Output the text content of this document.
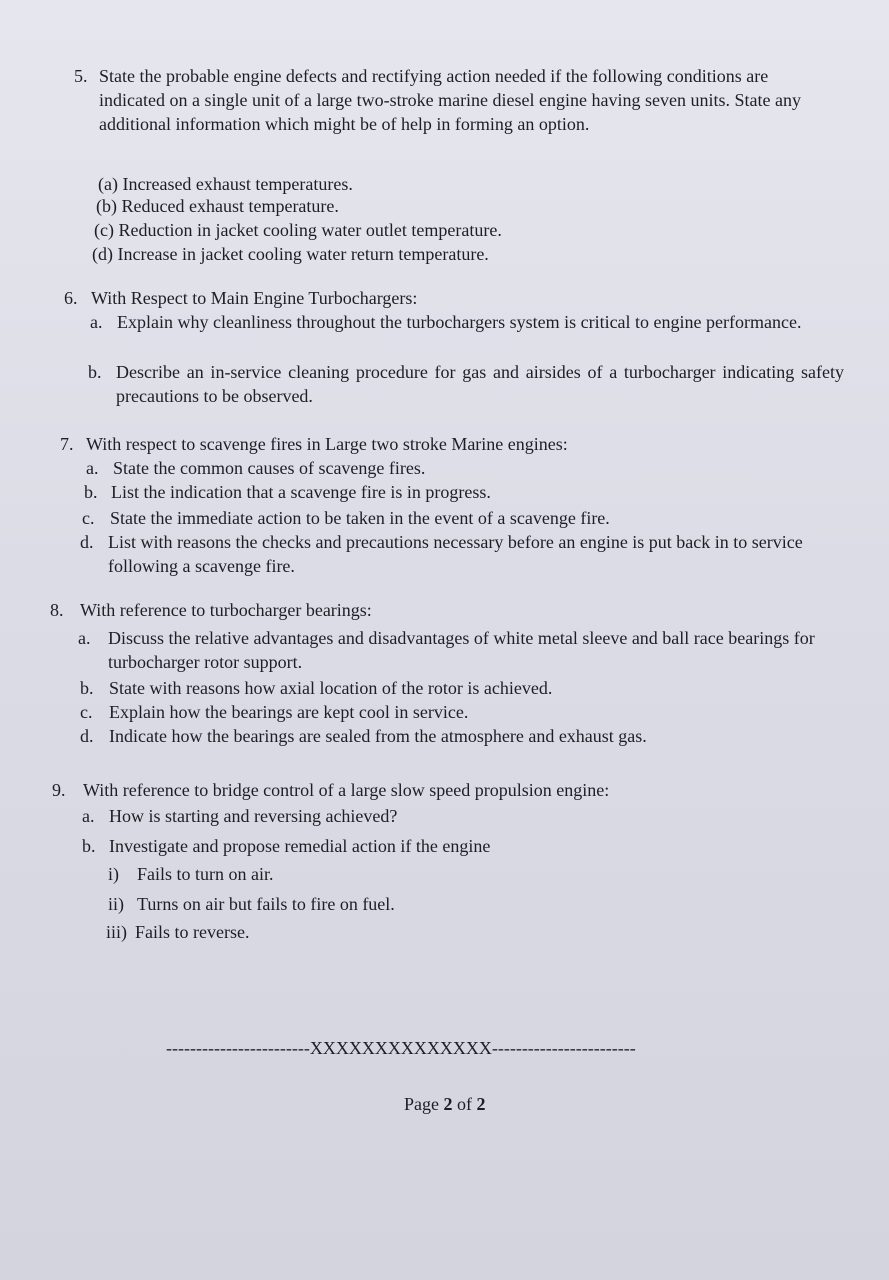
5. State the probable engine defects and rectifying action needed if the following conditions are indicated on a single unit of a large two-stroke marine diesel engine having seven units. State any additional information which might be of help in forming an option.
(a) Increased exhaust temperatures.
(b) Reduced exhaust temperature.
(c) Reduction in jacket cooling water outlet temperature.
(d) Increase in jacket cooling water return temperature.
6. With Respect to Main Engine Turbochargers:
a. Explain why cleanliness throughout the turbochargers system is critical to engine performance.
b. Describe an in-service cleaning procedure for gas and airsides of a turbocharger indicating safety precautions to be observed.
7. With respect to scavenge fires in Large two stroke Marine engines:
a. State the common causes of scavenge fires.
b. List the indication that a scavenge fire is in progress.
c. State the immediate action to be taken in the event of a scavenge fire.
d. List with reasons the checks and precautions necessary before an engine is put back in to service following a scavenge fire.
8. With reference to turbocharger bearings:
a. Discuss the relative advantages and disadvantages of white metal sleeve and ball race bearings for turbocharger rotor support.
b. State with reasons how axial location of the rotor is achieved.
c. Explain how the bearings are kept cool in service.
d. Indicate how the bearings are sealed from the atmosphere and exhaust gas.
9. With reference to bridge control of a large slow speed propulsion engine:
a. How is starting and reversing achieved?
b. Investigate and propose remedial action if the engine
i)	Fails to turn on air.
ii) Turns on air but fails to fire on fuel.
iii) Fails to reverse.
------------------------XXXXXXXXXXXXXX------------------------
Page 2 of 2
